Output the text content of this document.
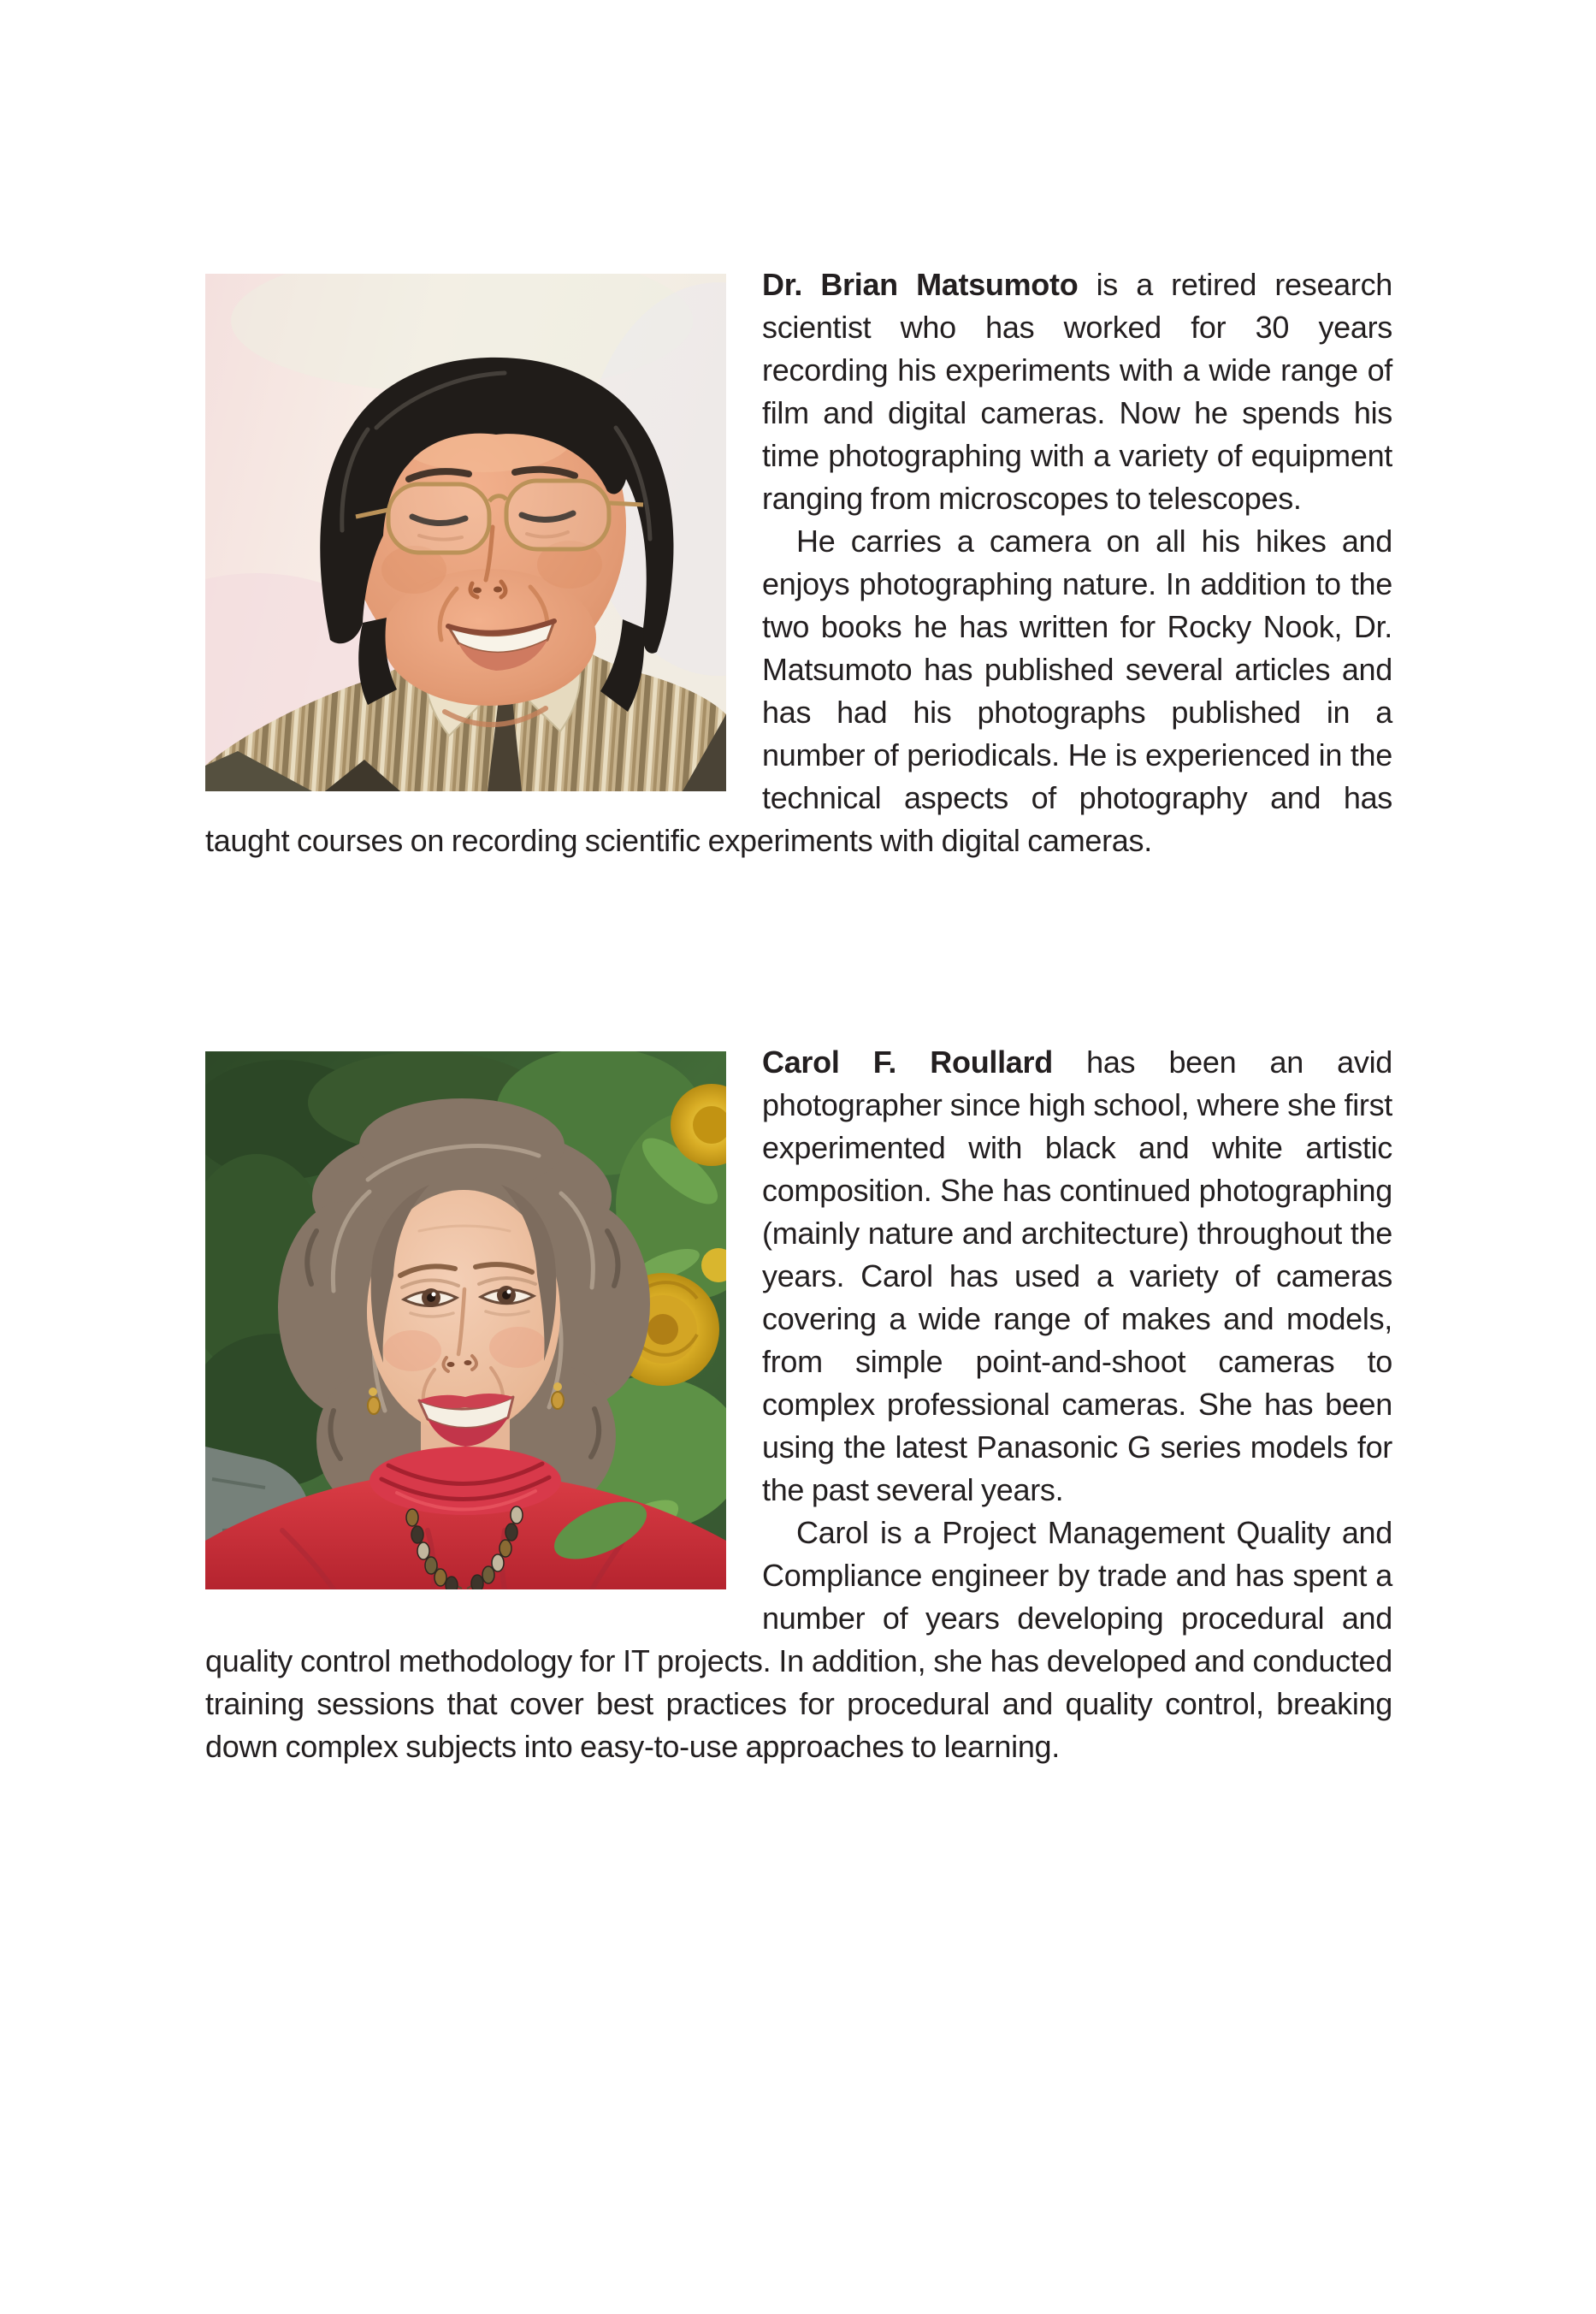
Dr. Brian Matsumoto is a retired research scientist who has worked for 30 years recording his experiments with a wide range of film and digital cameras. Now he spends his time photographing with a variety of equipment ranging from microscopes to telescopes.

He carries a camera on all his hikes and enjoys photographing nature. In addition to the two books he has written for Rocky Nook, Dr. Matsumoto has published several articles and has had his photographs published in a number of periodicals. He is experienced in the technical aspects of photography and has taught courses on recording scientific experiments with digital cameras.

Carol F. Roullard has been an avid photographer since high school, where she first experimented with black and white artistic composition. She has continued photographing (mainly nature and architecture) throughout the years. Carol has used a variety of cameras covering a wide range of makes and models, from simple point-and-shoot cameras to complex professional cameras. She has been using the latest Panasonic G series models for the past several years.

Carol is a Project Management Quality and Compliance engineer by trade and has spent a number of years developing procedural and quality control methodology for IT projects. In addition, she has developed and conducted training sessions that cover best practices for procedural and quality control, breaking down complex subjects into easy-to-use approaches to learning.
